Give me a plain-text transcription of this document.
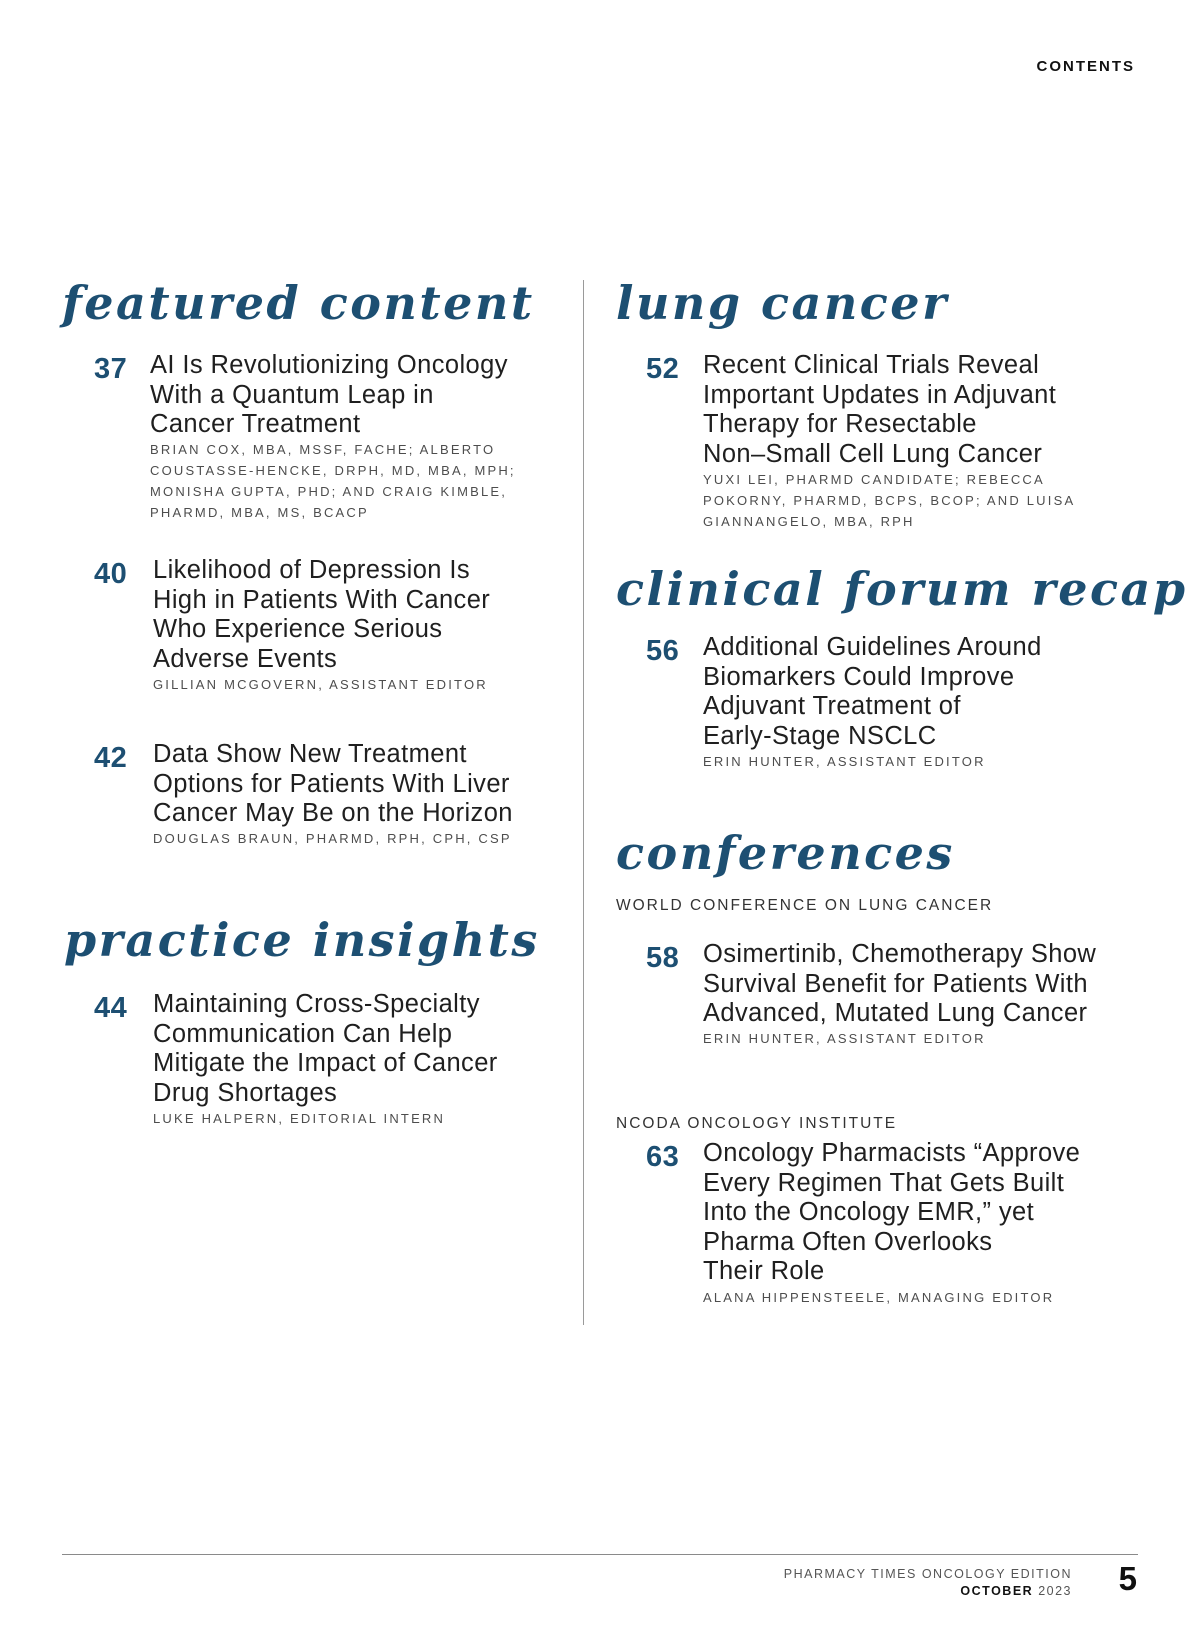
CONTENTS
featured content
37 AI Is Revolutionizing Oncology
With a Quantum Leap in
Cancer Treatment
BRIAN COX, MBA, MSSF, FACHE; ALBERTO
COUSTASSE-HENCKE, DRPH, MD, MBA, MPH;
MONISHA GUPTA, PHD; AND CRAIG KIMBLE,
PHARMD, MBA, MS, BCACP
40 Likelihood of Depression Is
High in Patients With Cancer
Who Experience Serious
Adverse Events
GILLIAN MCGOVERN, ASSISTANT EDITOR
42 Data Show New Treatment
Options for Patients With Liver
Cancer May Be on the Horizon
DOUGLAS BRAUN, PHARMD, RPH, CPH, CSP
practice insights
44 Maintaining Cross-Specialty
Communication Can Help
Mitigate the Impact of Cancer
Drug Shortages
LUKE HALPERN, EDITORIAL INTERN
lung cancer
52 Recent Clinical Trials Reveal
Important Updates in Adjuvant
Therapy for Resectable
Non–Small Cell Lung Cancer
YUXI LEI, PHARMD CANDIDATE; REBECCA
POKORNY, PHARMD, BCPS, BCOP; AND LUISA
GIANNANGELO, MBA, RPH
clinical forum recap
56 Additional Guidelines Around
Biomarkers Could Improve
Adjuvant Treatment of
Early-Stage NSCLC
ERIN HUNTER, ASSISTANT EDITOR
conferences
WORLD CONFERENCE ON LUNG CANCER
58 Osimertinib, Chemotherapy Show
Survival Benefit for Patients With
Advanced, Mutated Lung Cancer
ERIN HUNTER, ASSISTANT EDITOR
NCODA ONCOLOGY INSTITUTE
63 Oncology Pharmacists “Approve
Every Regimen That Gets Built
Into the Oncology EMR,” yet
Pharma Often Overlooks
Their Role
ALANA HIPPENSTEELE, MANAGING EDITOR
PHARMACY TIMES ONCOLOGY EDITION
OCTOBER 2023 5
